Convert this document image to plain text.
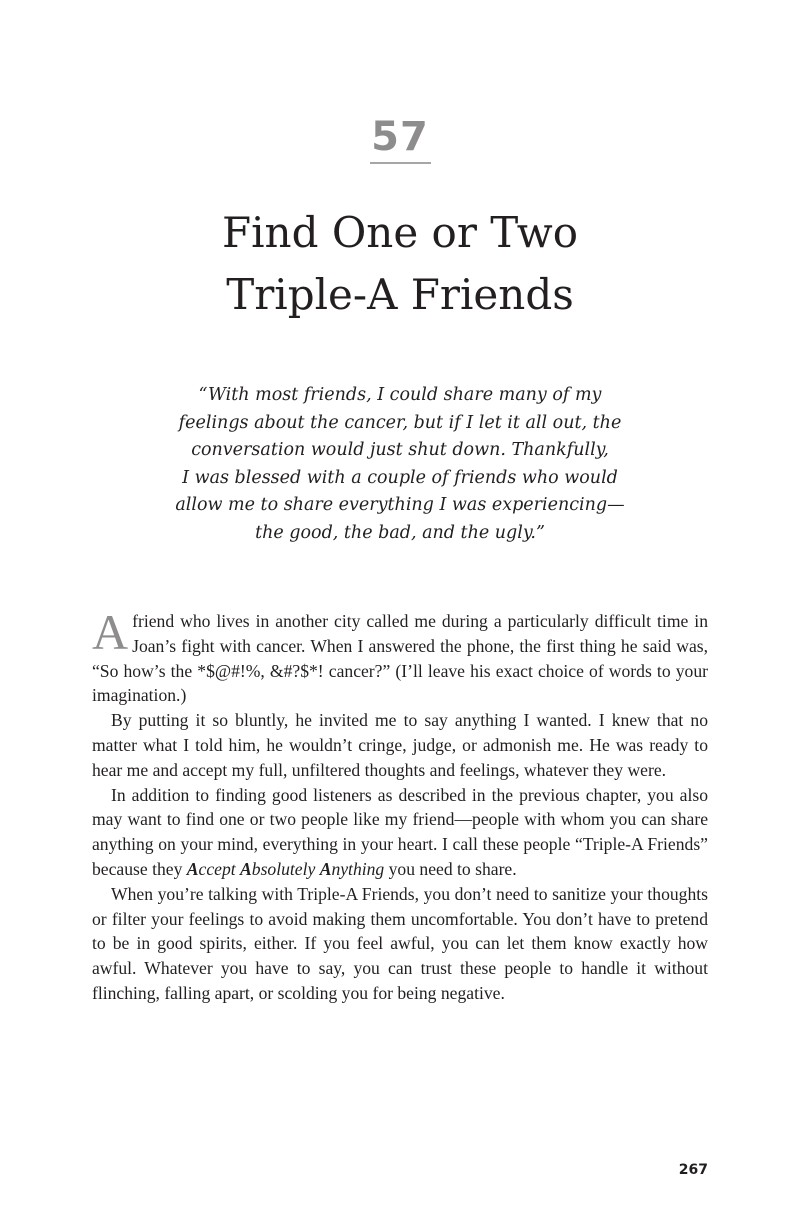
57
Find One or Two
Triple-A Friends
“With most friends, I could share many of my
feelings about the cancer, but if I let it all out, the
conversation would just shut down. Thankfully,
I was blessed with a couple of friends who would
allow me to share everything I was experiencing—
the good, the bad, and the ugly.”

A friend who lives in another city called me during a particularly difficult time in Joan’s fight with cancer. When I answered the phone, the first thing he said was, “So how’s the *$@#!%, &#?$*! cancer?” (I’ll leave his exact choice of words to your imagination.)

By putting it so bluntly, he invited me to say anything I wanted. I knew that no matter what I told him, he wouldn’t cringe, judge, or admonish me. He was ready to hear me and accept my full, unfiltered thoughts and feelings, whatever they were.

In addition to finding good listeners as described in the previous chapter, you also may want to find one or two people like my friend—people with whom you can share anything on your mind, everything in your heart. I call these people “Triple-A Friends” because they Accept Absolutely Anything you need to share.

When you’re talking with Triple-A Friends, you don’t need to sanitize your thoughts or filter your feelings to avoid making them uncomfortable. You don’t have to pretend to be in good spirits, either. If you feel awful, you can let them know exactly how awful. Whatever you have to say, you can trust these people to handle it without flinching, falling apart, or scolding you for being negative.

267
